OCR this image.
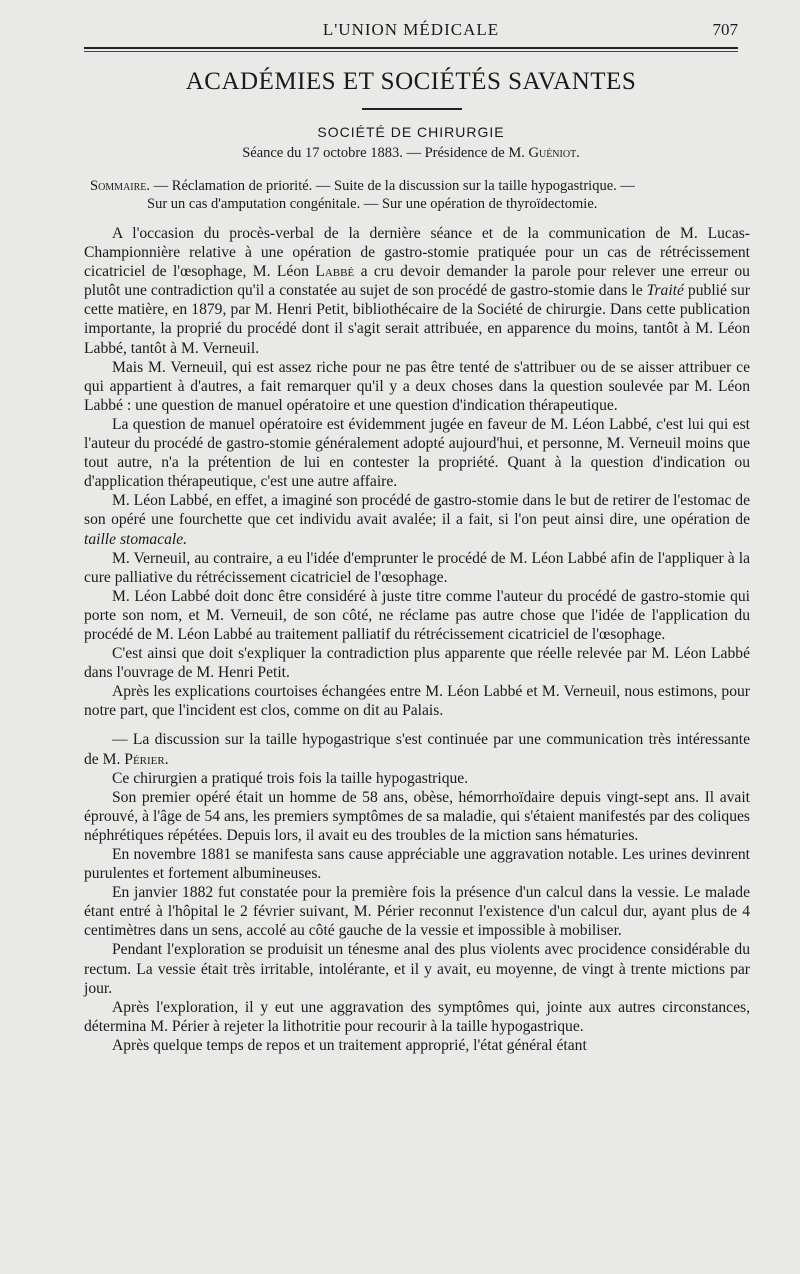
L'UNION MÉDICALE	707
ACADÉMIES ET SOCIÉTÉS SAVANTES
SOCIÉTÉ DE CHIRURGIE
Séance du 17 octobre 1883. — Présidence de M. Guéniot.
Sommaire. — Réclamation de priorité. — Suite de la discussion sur la taille hypogastrique. —
Sur un cas d'amputation congénitale. — Sur une opération de thyroïdectomie.

A l'occasion du procès-verbal de la dernière séance et de la communication de M. Lucas-Championnière relative à une opération de gastro-stomie pratiquée pour un cas de rétrécissement cicatriciel de l'œsophage, M. Léon Labbé a cru devoir demander la parole pour relever une erreur ou plutôt une contradiction qu'il a constatée au sujet de son procédé de gastro-stomie dans le Traité publié sur cette matière, en 1879, par M. Henri Petit, bibliothécaire de la Société de chirurgie. Dans cette publication importante, la proprié du procédé dont il s'agit serait attribuée, en apparence du moins, tantôt à M. Léon Labbé, tantôt à M. Verneuil.

Mais M. Verneuil, qui est assez riche pour ne pas être tenté de s'attribuer ou de se aisser attribuer ce qui appartient à d'autres, a fait remarquer qu'il y a deux choses dans la question soulevée par M. Léon Labbé : une question de manuel opératoire et une question d'indication thérapeutique.

La question de manuel opératoire est évidemment jugée en faveur de M. Léon Labbé, c'est lui qui est l'auteur du procédé de gastro-stomie généralement adopté aujourd'hui, et personne, M. Verneuil moins que tout autre, n'a la prétention de lui en contester la propriété. Quant à la question d'indication ou d'application thérapeutique, c'est une autre affaire.

M. Léon Labbé, en effet, a imaginé son procédé de gastro-stomie dans le but de retirer de l'estomac de son opéré une fourchette que cet individu avait avalée; il a fait, si l'on peut ainsi dire, une opération de taille stomacale.

M. Verneuil, au contraire, a eu l'idée d'emprunter le procédé de M. Léon Labbé afin de l'appliquer à la cure palliative du rétrécissement cicatriciel de l'œsophage.

M. Léon Labbé doit donc être considéré à juste titre comme l'auteur du procédé de gastro-stomie qui porte son nom, et M. Verneuil, de son côté, ne réclame pas autre chose que l'idée de l'application du procédé de M. Léon Labbé au traitement palliatif du rétrécissement cicatriciel de l'œsophage.

C'est ainsi que doit s'expliquer la contradiction plus apparente que réelle relevée par M. Léon Labbé dans l'ouvrage de M. Henri Petit.

Après les explications courtoises échangées entre M. Léon Labbé et M. Verneuil, nous estimons, pour notre part, que l'incident est clos, comme on dit au Palais.

— La discussion sur la taille hypogastrique s'est continuée par une communication très intéressante de M. Périer.

Ce chirurgien a pratiqué trois fois la taille hypogastrique.

Son premier opéré était un homme de 58 ans, obèse, hémorrhoïdaire depuis vingt-sept ans. Il avait éprouvé, à l'âge de 54 ans, les premiers symptômes de sa maladie, qui s'étaient manifestés par des coliques néphrétiques répétées. Depuis lors, il avait eu des troubles de la miction sans hématuries.

En novembre 1881 se manifesta sans cause appréciable une aggravation notable. Les urines devinrent purulentes et fortement albumineuses.

En janvier 1882 fut constatée pour la première fois la présence d'un calcul dans la vessie. Le malade étant entré à l'hôpital le 2 février suivant, M. Périer reconnut l'existence d'un calcul dur, ayant plus de 4 centimètres dans un sens, accolé au côté gauche de la vessie et impossible à mobiliser.

Pendant l'exploration se produisit un ténesme anal des plus violents avec procidence considérable du rectum. La vessie était très irritable, intolérante, et il y avait, eu moyenne, de vingt à trente mictions par jour.

Après l'exploration, il y eut une aggravation des symptômes qui, jointe aux autres circonstances, détermina M. Périer à rejeter la lithotritie pour recourir à la taille hypogastrique.

Après quelque temps de repos et un traitement approprié, l'état général étant
